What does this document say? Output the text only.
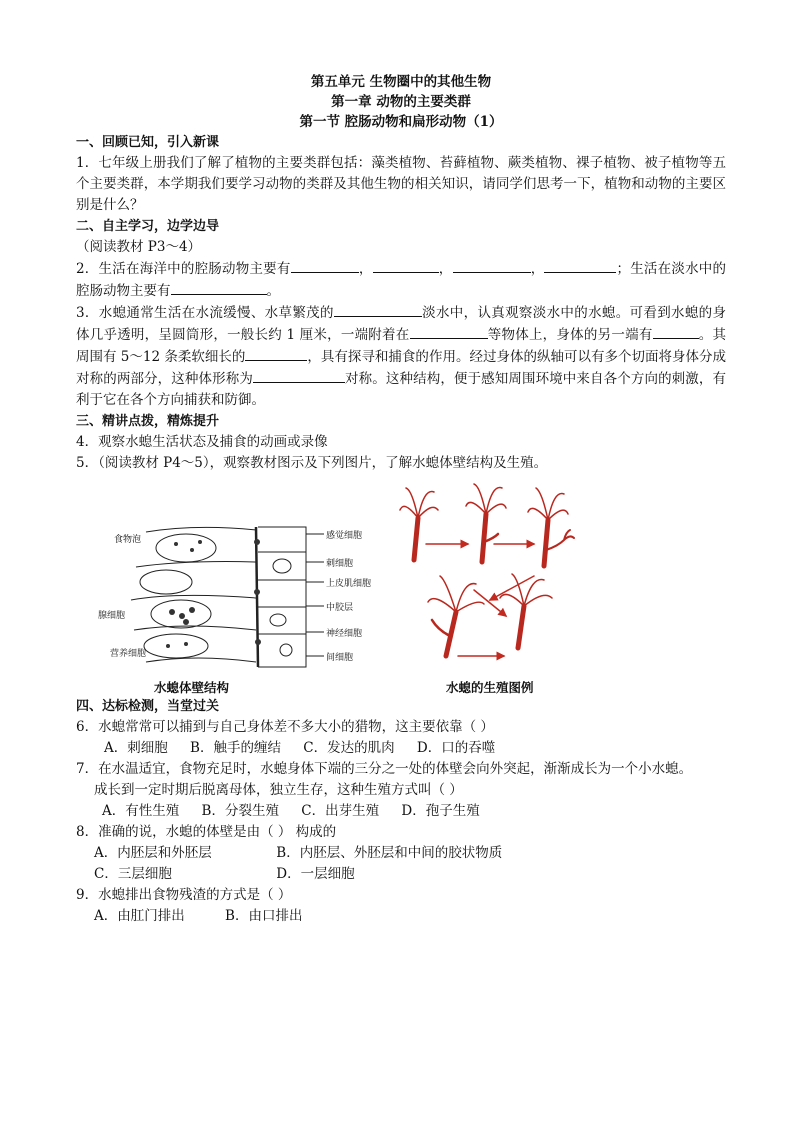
第五单元 生物圈中的其他生物
第一章 动物的主要类群
第一节 腔肠动物和扁形动物（1）
一、回顾已知，引入新课
1．七年级上册我们了解了植物的主要类群包括：藻类植物、苔藓植物、蕨类植物、裸子植物、被子植物等五个主要类群，本学期我们要学习动物的类群及其他生物的相关知识，请同学们思考一下，植物和动物的主要区别是什么？
二、自主学习，边学边导
（阅读教材 P3～4）
2．生活在海洋中的腔肠动物主要有	，	，	，	；生活在淡水中的腔肠动物主要有	。
3．水螅通常生活在水流缓慢、水草繁茂的	淡水中，认真观察淡水中的水螅。可看到水螅的身体几乎透明，呈圆筒形，一般长约 1 厘米，一端附着在	等物体上，身体的另一端有	。其周围有 5～12 条柔软细长的	，具有探寻和捕食的作用。经过身体的纵轴可以有多个切面将身体分成对称的两部分，这种体形称为	对称。这种结构，便于感知周围环境中来自各个方向的刺激，有利于它在各个方向捕获和防御。
三、精讲点拨，精炼提升
4．观察水螅生活状态及捕食的动画或录像
5．（阅读教材 P4～5），观察教材图示及下列图片，了解水螅体壁结构及生殖。
食物泡
腺细胞
营养细胞
感觉细胞
刺细胞
上皮肌细胞
中胶层
神经细胞
间细胞
水螅体壁结构	水螅的生殖图例
四、达标检测，当堂过关
6．水螅常常可以捕到与自己身体差不多大小的猎物，这主要依靠（ ）
A．刺细胞 B．触手的缠结 C．发达的肌肉 D．口的吞噬
7．在水温适宜，食物充足时，水螅身体下端的三分之一处的体壁会向外突起，渐渐成长为一个小水螅。
成长到一定时期后脱离母体，独立生存，这种生殖方式叫（ ）
A．有性生殖 B．分裂生殖 C．出芽生殖 D．孢子生殖
8．准确的说，水螅的体壁是由（ ） 构成的
A．内胚层和外胚层	B．内胚层、外胚层和中间的胶状物质
C．三层细胞	D．一层细胞
9．水螅排出食物残渣的方式是（ ）
A．由肛门排出	B．由口排出
